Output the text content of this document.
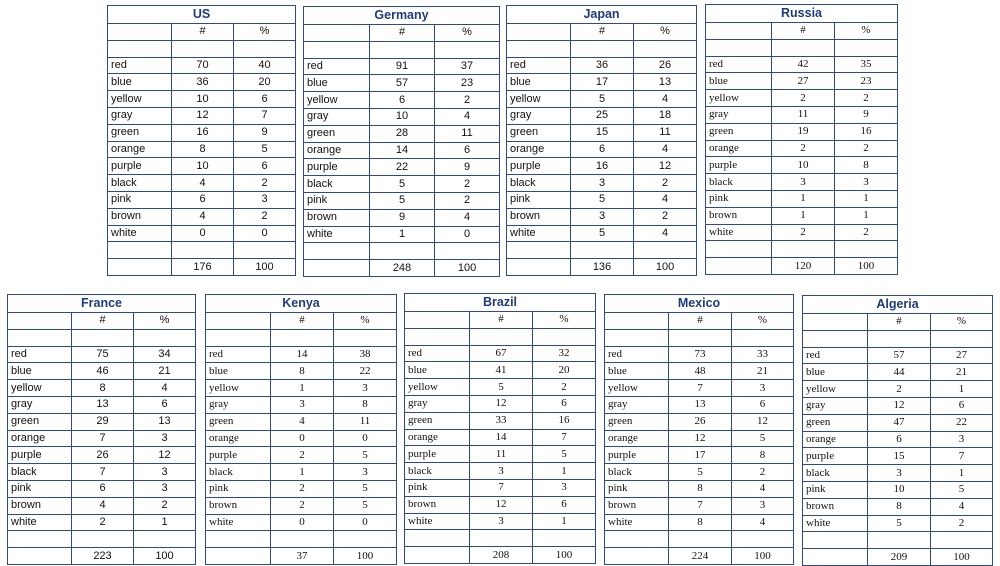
US		
	#	%

red	70	40
blue	36	20
yellow	10	6
gray	12	7
green	16	9
orange	8	5
purple	10	6
black	4	2
pink	6	3
brown	4	2
white	0	0

	176	100
Germany		
	#	%

red	91	37
blue	57	23
yellow	6	2
gray	10	4
green	28	11
orange	14	6
purple	22	9
black	5	2
pink	5	2
brown	9	4
white	1	0

	248	100
Japan		
	#	%

red	36	26
blue	17	13
yellow	5	4
gray	25	18
green	15	11
orange	6	4
purple	16	12
black	3	2
pink	5	4
brown	3	2
white	5	4

	136	100
Russia		
	#	%

red	42	35
blue	27	23
yellow	2	2
gray	11	9
green	19	16
orange	2	2
purple	10	8
black	3	3
pink	1	1
brown	1	1
white	2	2

	120	100
France		
	#	%

red	75	34
blue	46	21
yellow	8	4
gray	13	6
green	29	13
orange	7	3
purple	26	12
black	7	3
pink	6	3
brown	4	2
white	2	1

	223	100
Kenya		
	#	%

red	14	38
blue	8	22
yellow	1	3
gray	3	8
green	4	11
orange	0	0
purple	2	5
black	1	3
pink	2	5
brown	2	5
white	0	0

	37	100
Brazil		
	#	%

red	67	32
blue	41	20
yellow	5	2
gray	12	6
green	33	16
orange	14	7
purple	11	5
black	3	1
pink	7	3
brown	12	6
white	3	1

	208	100
Mexico		
	#	%

red	73	33
blue	48	21
yellow	7	3
gray	13	6
green	26	12
orange	12	5
purple	17	8
black	5	2
pink	8	4
brown	7	3
white	8	4

	224	100
Algeria		
	#	%

red	57	27
blue	44	21
yellow	2	1
gray	12	6
green	47	22
orange	6	3
purple	15	7
black	3	1
pink	10	5
brown	8	4
white	5	2

	209	100
